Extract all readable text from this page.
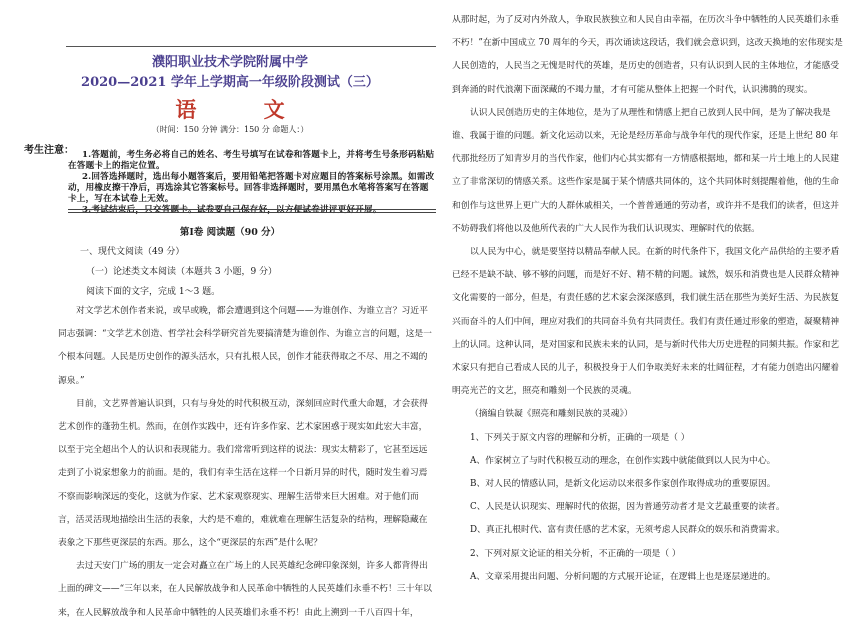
濮阳职业技术学院附属中学
2020—2021 学年上学期高一年级阶段测试（三）
语 文
（时间：150 分钟 满分：150 分 命题人：）
考生注意： 1.答题前，考生务必将自己的姓名、考生号填写在试卷和答题卡上，并将考生号条形码粘贴在答题卡上的指定位置。

2.回答选择题时，选出每小题答案后，要用铅笔把答题卡对应题目的答案标号涂黑。如需改动，用橡皮擦干净后，再选涂其它答案标号。回答非选择题时，要用黑色水笔将答案写在答题卡上，写在本试卷上无效。

3.考试结束后，只交答题卡。试卷要自己保存好，以方便试卷讲评更好开展。

第Ⅰ卷 阅读题（90 分）
一、现代文阅读（49 分）
（一）论述类文本阅读（本题共 3 小题，9 分）
阅读下面的文字，完成 1～3 题。

对文学艺术创作者来说，或早或晚，都会遭遇到这个问题——为谁创作、为谁立言？习近平同志强调：“文学艺术创造、哲学社会科学研究首先要搞清楚为谁创作、为谁立言的问题，这是一个根本问题。人民是历史创作的源头活水，只有扎根人民，创作才能获得取之不尽、用之不竭的源泉。”

目前，文艺界普遍认识到，只有与身处的时代积极互动，深刻回应时代重大命题，才会获得艺术创作的蓬勃生机。然而，在创作实践中，还有许多作家、艺术家困惑于现实如此宏大丰富，以至于完全超出个人的认识和表现能力。我们常常听到这样的说法：现实太精彩了，它甚至远远走到了小说家想象力的前面。是的，我们有幸生活在这样一个日新月异的时代，随时发生着习焉不察而影响深远的变化，这就为作家、艺术家观察现实、理解生活带来巨大困难。对于他们而言，活灵活现地描绘出生活的表象，大约是不难的，难就难在理解生活复杂的结构，理解隐藏在表象之下那些更深层的东西。那么，这个“更深层的东西”是什么呢？

去过天安门广场的朋友一定会对矗立在广场上的人民英雄纪念碑印象深刻，许多人都背得出上面的碑文——“三年以来，在人民解放战争和人民革命中牺牲的人民英雄们永垂不朽！三十年以来，在人民解放战争和人民革命中牺牲的人民英雄们永垂不朽！由此上溯到一千八百四十年，

从那时起，为了反对内外敌人，争取民族独立和人民自由幸福，在历次斗争中牺牲的人民英雄们永垂不朽！”在新中国成立 70 周年的今天，再次诵读这段话，我们就会意识到，这改天换地的宏伟现实是人民创造的，人民当之无愧是时代的英雄，是历史的创造者，只有认识到人民的主体地位，才能感受到奔涌的时代浪潮下面深藏的不竭力量，才有可能从整体上把握一个时代，认识沸腾的现实。

认识人民创造历史的主体地位，是为了从理性和情感上把自己放到人民中间，是为了解决我是谁、我属于谁的问题。新文化运动以来，无论是经历革命与战争年代的现代作家，还是上世纪 80 年代那批经历了知青岁月的当代作家，他们内心其实都有一方情感根据地，都和某一片土地上的人民建立了非常深切的情感关系。这些作家是属于某个情感共同体的，这个共同体时刻提醒着他，他的生命和创作与这世界上更广大的人群休戚相关，一个普普通通的劳动者，或许并不是我们的读者，但这并不妨碍我们将他以及他所代表的广大人民作为我们认识现实、理解时代的依据。

以人民为中心，就是要坚持以精品奉献人民。在新的时代条件下，我国文化产品供给的主要矛盾已经不是缺不缺、够不够的问题，而是好不好、精不精的问题。诚然，娱乐和消费也是人民群众精神文化需要的一部分，但是，有责任感的艺术家会深深感到，我们就生活在那些为美好生活、为民族复兴而奋斗的人们中间，理应对我们的共同奋斗负有共同责任。我们有责任通过形象的塑造，凝聚精神上的认同。这种认同，是对国家和民族未来的认同，是与新时代伟大历史进程的同频共振。作家和艺术家只有把自己看成人民的儿子，积极投身于人们争取美好未来的壮阔征程，才有能力创造出闪耀着明亮光芒的文艺，照亮和雕刻一个民族的灵魂。

（摘编自铁凝《照亮和雕刻民族的灵魂》）

1、下列关于原文内容的理解和分析，正确的一项是（ ）

A、作家树立了与时代积极互动的理念，在创作实践中就能做到以人民为中心。

B、对人民的情感认同，是新文化运动以来很多作家创作取得成功的重要原因。

C、人民是认识现实、理解时代的依据，因为普通劳动者才是文艺最重要的读者。

D、真正扎根时代、富有责任感的艺术家，无须考虑人民群众的娱乐和消费需求。

2、下列对原文论证的相关分析，不正确的一项是（ ）

A、文章采用提出问题、分析问题的方式展开论证，在逻辑上也是逐层递进的。
